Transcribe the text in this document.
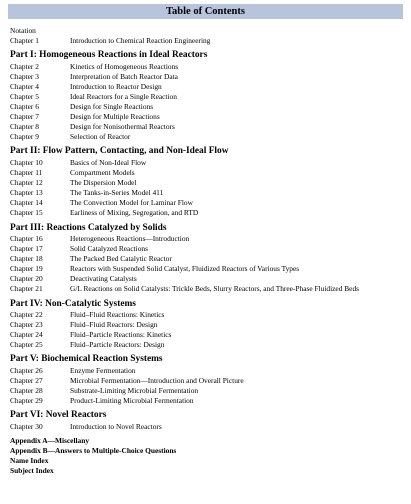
Table of Contents
Notation
Chapter 1	Introduction to Chemical Reaction Engineering
Part I: Homogeneous Reactions in Ideal Reactors
Chapter 2	Kinetics of Homogeneous Reactions
Chapter 3	Interpretation of Batch Reactor Data
Chapter 4	Introduction to Reactor Design
Chapter 5	Ideal Reactors for a Single Reaction
Chapter 6	Design for Single Reactions
Chapter 7	Design for Multiple Reactions
Chapter 8	Design for Nonisothermal Reactors
Chapter 9	Selection of Reactor
Part II: Flow Pattern, Contacting, and Non-Ideal Flow
Chapter 10	Basics of Non-Ideal Flow
Chapter 11	Compartment Models
Chapter 12	The Dispersion Model
Chapter 13	The Tanks-in-Series Model 411
Chapter 14	The Convection Model for Laminar Flow
Chapter 15	Earliness of Mixing, Segregation, and RTD
Part III: Reactions Catalyzed by Solids
Chapter 16	Heterogeneous Reactions—Introduction
Chapter 17	Solid Catalyzed Reactions
Chapter 18	The Packed Bed Catalytic Reactor
Chapter 19	Reactors with Suspended Solid Catalyst, Fluidized Reactors of Various Types
Chapter 20	Deactivating Catalysts
Chapter 21	G/L Reactions on Solid Catalysts: Trickle Beds, Slurry Reactors, and Three-Phase Fluidized Beds
Part IV: Non-Catalytic Systems
Chapter 22	Fluid–Fluid Reactions: Kinetics
Chapter 23	Fluid–Fluid Reactors: Design
Chapter 24	Fluid–Particle Reactions: Kinetics
Chapter 25	Fluid–Particle Reactors: Design
Part V: Biochemical Reaction Systems
Chapter 26	Enzyme Fermentation
Chapter 27	Microbial Fermentation—Introduction and Overall Picture
Chapter 28	Substrate-Limiting Microbial Fermentation
Chapter 29	Product-Limiting Microbial Fermentation
Part VI: Novel Reactors
Chapter 30	Introduction to Novel Reactors
Appendix A—Miscellany
Appendix B—Answers to Multiple-Choice Questions
Name Index
Subject Index
